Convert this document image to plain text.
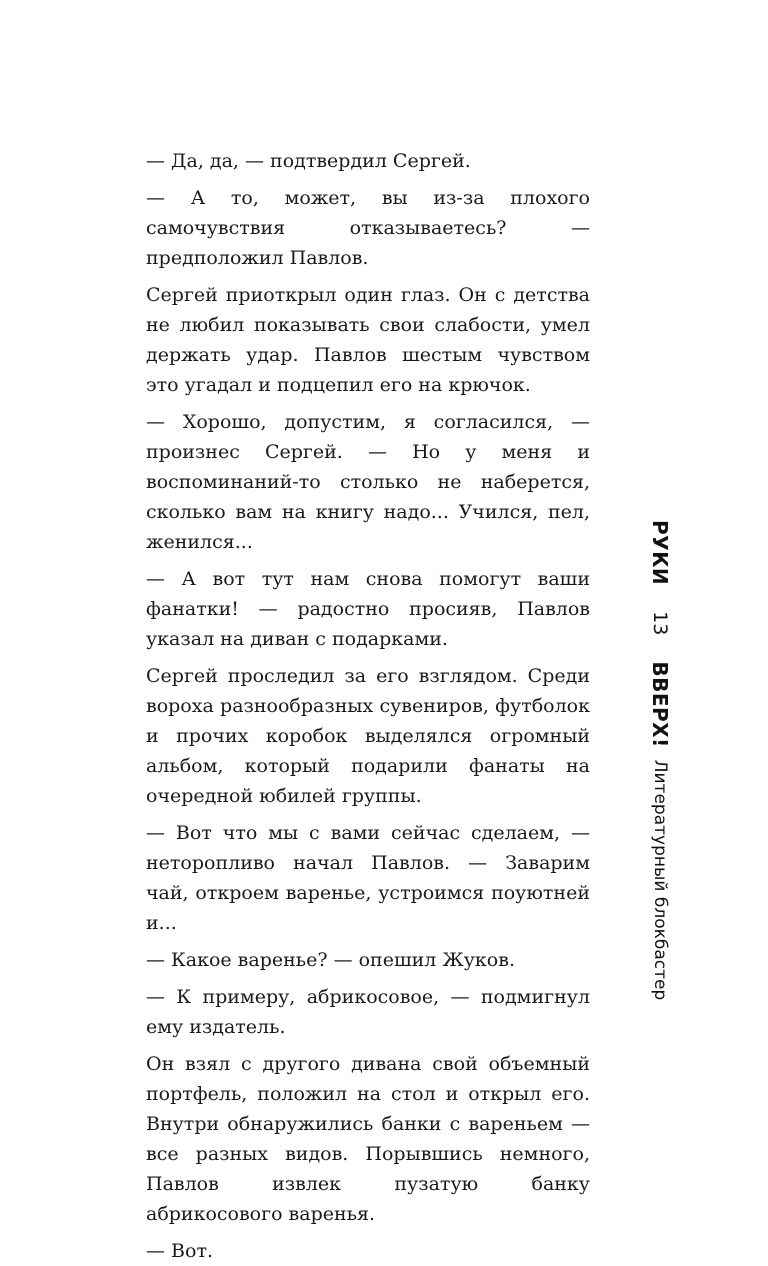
— Да, да, — подтвердил Сергей.

— А то, может, вы из-за плохого самочувствия отказываетесь? — предположил Павлов.

Сергей приоткрыл один глаз. Он с детства не любил показывать свои слабости, умел держать удар. Павлов шестым чувством это угадал и подцепил его на крючок.

— Хорошо, допустим, я согласился, — произнес Сергей. — Но у меня и воспоминаний-то столько не наберется, сколько вам на книгу надо... Учился, пел, женился...

— А вот тут нам снова помогут ваши фанатки! — радостно просияв, Павлов указал на диван с подарками.

Сергей проследил за его взглядом. Среди вороха разнообразных сувениров, футболок и прочих коробок выделялся огромный альбом, который подарили фанаты на очередной юбилей группы.

— Вот что мы с вами сейчас сделаем, — неторопливо начал Павлов. — Заварим чай, откроем варенье, устроимся поуютней и...

— Какое варенье? — опешил Жуков.

— К примеру, абрикосовое, — подмигнул ему издатель.

Он взял с другого дивана свой объемный портфель, положил на стол и открыл его. Внутри обнаружились банки с вареньем — все разных видов. Порывшись немного, Павлов извлек пузатую банку абрикосового варенья.

— Вот.

РУКИ
13
ВВЕРХ!
Литературный блокбастер
